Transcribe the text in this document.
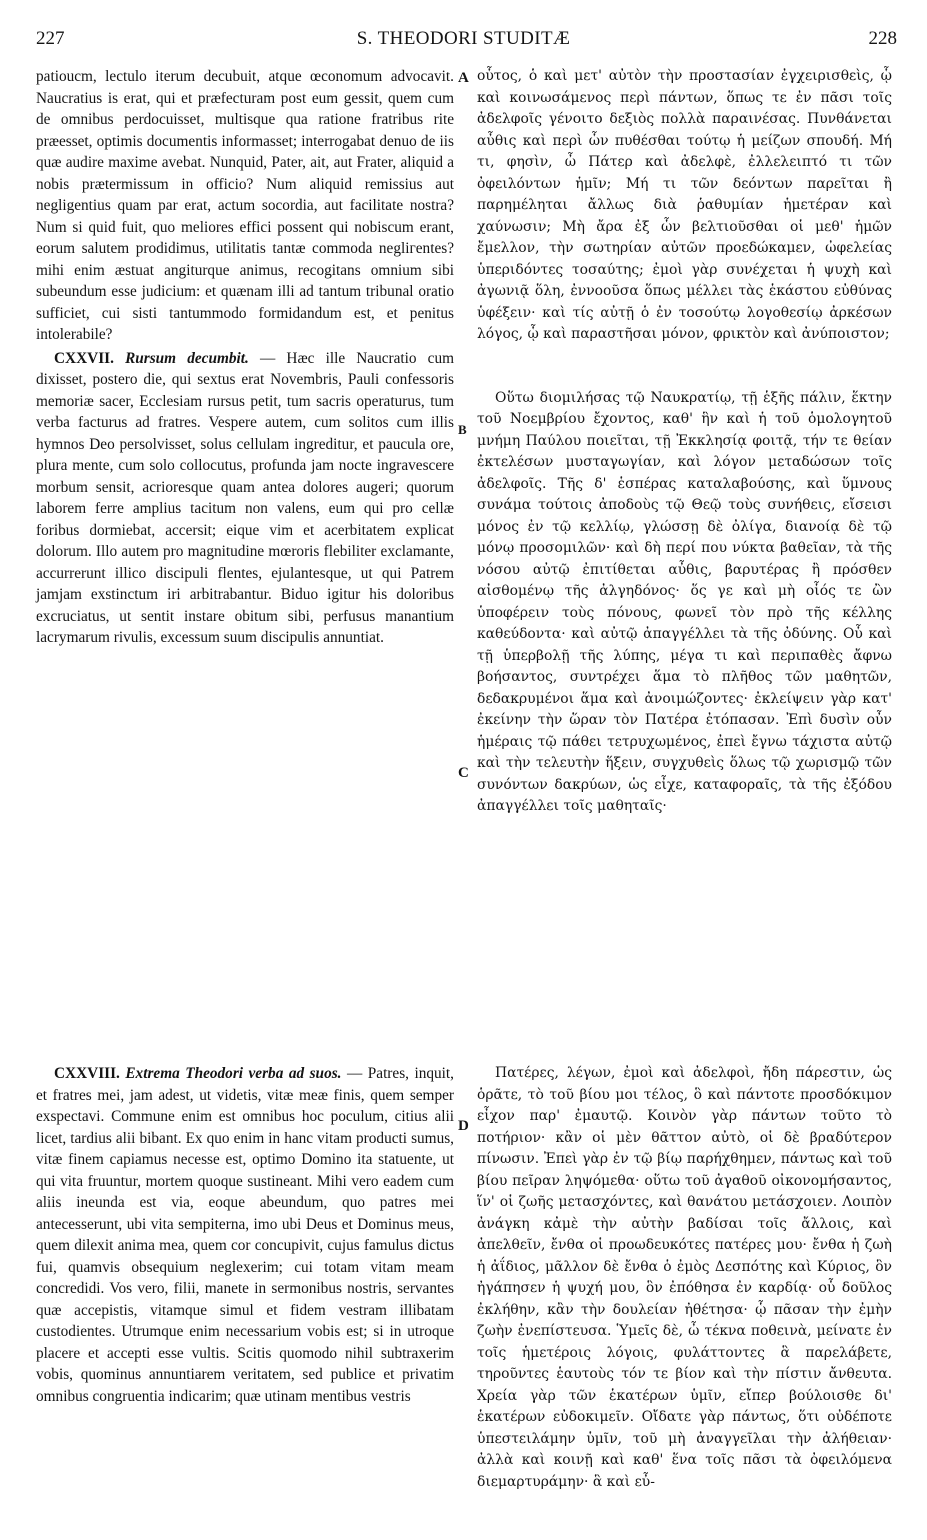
227	S. THEODORI STUDITÆ	228
A
B
C
D

patioucm, lectulo iterum decubuit, atque œconomum advocavit. Naucratius is erat, qui et præfecturam post eum gessit, quem cum de omnibus perdocuisset, multisque qua ratione fratribus rite præesset, optimis documentis informasset; interrogabat denuo de iis quæ audire maxime avebat. Nunquid, Pater, ait, aut Frater, aliquid a nobis prætermissum in officio? Num aliquid remissius aut negligentius quam par erat, actum socordia, aut facilitate nostra? Num si quid fuit, quo meliores effici possent qui nobiscum erant, eorum salutem prodidimus, utilitatis tantæ commoda neglігentes? mihi enim æstuat angiturque animus, recogitans omnium sibi subeundum esse judicium: et quænam illi ad tantum tribunal oratio sufficiet, cui sisti tantummodo formidandum est, et penitus intolerabile?

CXXVII. Rursum decumbit. — Hæc ille Naucratio cum dixisset, postero die, qui sextus erat Novembris, Pauli confessoris memoriæ sacer, Ecclesiam rursus petit, tum sacris operaturus, tum verba facturus ad fratres. Vespere autem, cum solitos cum illis hymnos Deo persolvisset, solus cellulam ingreditur, et paucula ore, plura mente, cum solo collocutus, profunda jam nocte ingravescere morbum sensit, acrioresque quam antea dolores augeri; quorum laborem ferre amplius tacitum non valens, eum qui pro cellæ foribus dormiebat, accersit; eique vim et acerbitatem explicat dolorum. Illo autem pro magnitudine mœroris flebiliter exclamante, accurrerunt illico discipuli flentes, ejulantesque, ut qui Patrem jamjam exstinctum iri arbitrabantur. Biduo igitur his doloribus excruciatus, ut sentit instare obitum sibi, perfusus manantium lacrymarum rivulis, excessum suum discipulis annuntiat.

οὗτος, ὁ καὶ μετ' αὐτὸν τὴν προστασίαν ἐγχειρισθεὶς, ᾧ καὶ κοινωσάμενος περὶ πάντων, ὅπως τε ἐν πᾶσι τοῖς ἀδελφοῖς γένοιτο δεξιὸς πολλὰ παραινέσας. Πυνθάνεται αὖθις καὶ περὶ ὧν πυθέσθαι τούτῳ ἡ μείζων σπουδή. Μή τι, φησὶν, ὦ Πάτερ καὶ ἀδελφὲ, ἐλλελειπτό τι τῶν ὀφειλόντων ἡμῖν; Μή τι τῶν δεόντων παρεῖται ἢ παρημέληται ἄλλως διὰ ῥαθυμίαν ἡμετέραν καὶ χαύνωσιν; Μὴ ἄρα ἐξ ὧν βελτιοῦσθαι οἱ μεθ' ἡμῶν ἔμελλον, τὴν σωτηρίαν αὐτῶν προεδώκαμεν, ὠφελείας ὑπεριδόντες τοσαύτης; ἐμοὶ γὰρ συνέχεται ἡ ψυχὴ καὶ ἀγωνιᾷ ὅλη, ἐννοοῦσα ὅπως μέλλει τὰς ἑκάστου εὐθύνας ὑφέξειν· καὶ τίς αὐτῇ ὁ ἐν τοσούτῳ λογοθεσίῳ ἀρκέσων λόγος, ᾧ καὶ παραστῆσαι μόνον, φρικτὸν καὶ ἀνύποιστον;

Οὕτω διομιλήσας τῷ Ναυκρατίῳ, τῇ ἑξῆς πάλιν, ἕκτην τοῦ Νοεμβρίου ἔχοντος, καθ' ἣν καὶ ἡ τοῦ ὁμολογητοῦ μνήμη Παύλου ποιεῖται, τῇ Ἐκκλησίᾳ φοιτᾷ, τήν τε θείαν ἐκτελέσων μυσταγωγίαν, καὶ λόγον μεταδώσων τοῖς ἀδελφοῖς. Τῆς δ' ἑσπέρας καταλαβούσης, καὶ ὕμνους συνάμα τούτοις ἀποδοὺς τῷ Θεῷ τοὺς συνήθεις, εἴσεισι μόνος ἐν τῷ κελλίῳ, γλώσσῃ δὲ ὀλίγα, διανοίᾳ δὲ τῷ μόνῳ προσομιλῶν· καὶ δὴ περί που νύκτα βαθεῖαν, τὰ τῆς νόσου αὐτῷ ἐπιτίθεται αὖθις, βαρυτέρας ἢ πρόσθεν αἰσθομένῳ τῆς ἀλγηδόνος· ὅς γε καὶ μὴ οἷός τε ὢν ὑποφέρειν τοὺς πόνους, φωνεῖ τὸν πρὸ τῆς κέλλης καθεύδοντα· καὶ αὐτῷ ἀπαγγέλλει τὰ τῆς ὀδύνης. Οὗ καὶ τῇ ὑπερβολῇ τῆς λύπης, μέγα τι καὶ περιπαθὲς ἄφνω βοήσαντος, συντρέχει ἅμα τὸ πλῆθος τῶν μαθητῶν, δεδακρυμένοι ἅμα καὶ ἀνοιμώζοντες· ἐκλείψειν γὰρ κατ' ἐκείνην τὴν ὥραν τὸν Πατέρα ἐτόπασαν. Ἐπὶ δυσὶν οὖν ἡμέραις τῷ πάθει τετρυχωμένος, ἐπεὶ ἔγνω τάχιστα αὐτῷ καὶ τὴν τελευτὴν ἥξειν, συγχυθεὶς ὅλως τῷ χωρισμῷ τῶν συνόντων δακρύων, ὡς εἶχε, καταφοραῖς, τὰ τῆς ἐξόδου ἀπαγγέλλει τοῖς μαθηταῖς·

CXXVIII. Extrema Theodori verba ad suos. — Patres, inquit, et fratres mei, jam adest, ut videtis, vitæ meæ finis, quem semper exspectavi. Commune enim est omnibus hoc poculum, citius alii licet, tardius alii bibant. Ex quo enim in hanc vitam producti sumus, vitæ finem capiamus necesse est, optimo Domino ita statuente, ut qui vita fruuntur, mortem quoque sustineant. Mihi vero eadem cum aliis ineunda est via, eoque abeundum, quo patres mei antecesserunt, ubi vita sempiterna, imo ubi Deus et Dominus meus, quem dilexit anima mea, quem cor concupivit, cujus famulus dictus fui, quamvis obsequium neglexerim; cui totam vitam meam concredidi. Vos vero, filii, manete in sermonibus nostris, servantes quæ accepistis, vitamque simul et fidem vestram illibatam custodientes. Utrumque enim necessarium vobis est; si in utroque placere et accepti esse vultis. Scitis quomodo nihil subtraxerim vobis, quominus annuntiarem veritatem, sed publice et privatim omnibus congruentia indicarim; quæ utinam mentibus vestris

Πατέρες, λέγων, ἐμοὶ καὶ ἀδελφοὶ, ἤδη πάρεστιν, ὡς ὁρᾶτε, τὸ τοῦ βίου μοι τέλος, ὃ καὶ πάντοτε προσδόκιμον εἶχον παρ' ἐμαυτῷ. Κοινὸν γὰρ πάντων τοῦτο τὸ ποτήριον· κἂν οἱ μὲν θᾶττον αὐτὸ, οἱ δὲ βραδύτερον πίνωσιν. Ἐπεὶ γὰρ ἐν τῷ βίῳ παρήχθημεν, πάντως καὶ τοῦ βίου πεῖραν ληψόμεθα· οὕτω τοῦ ἀγαθοῦ οἰκονομήσαντος, ἵν' οἱ ζωῆς μετασχόντες, καὶ θανάτου μετάσχοιεν. Λοιπὸν ἀνάγκη κἀμὲ τὴν αὐτὴν βαδίσαι τοῖς ἄλλοις, καὶ ἀπελθεῖν, ἔνθα οἱ προωδευκότες πατέρες μου· ἔνθα ἡ ζωὴ ἡ ἀΐδιος, μᾶλλον δὲ ἔνθα ὁ ἐμὸς Δεσπότης καὶ Κύριος, ὃν ἠγάπησεν ἡ ψυχή μου, ὃν ἐπόθησα ἐν καρδίᾳ· οὗ δοῦλος ἐκλήθην, κἂν τὴν δουλείαν ἠθέτησα· ᾧ πᾶσαν τὴν ἐμὴν ζωὴν ἐνεπίστευσα. Ὑμεῖς δὲ, ὦ τέκνα ποθεινὰ, μείνατε ἐν τοῖς ἡμετέροις λόγοις, φυλάττοντες ἃ παρελάβετε, τηροῦντες ἑαυτοὺς τόν τε βίον καὶ τὴν πίστιν ἄνθευτα. Χρεία γὰρ τῶν ἑκατέρων ὑμῖν, εἴπερ βούλοισθε δι' ἑκατέρων εὐδοκιμεῖν. Οἴδατε γὰρ πάντως, ὅτι οὐδέποτε ὑπεστειλάμην ὑμῖν, τοῦ μὴ ἀναγγεῖλαι τὴν ἀλήθειαν· ἀλλὰ καὶ κοινῇ καὶ καθ' ἕνα τοῖς πᾶσι τὰ ὀφειλόμενα διεμαρτυράμην· ἃ καὶ εὖ-
